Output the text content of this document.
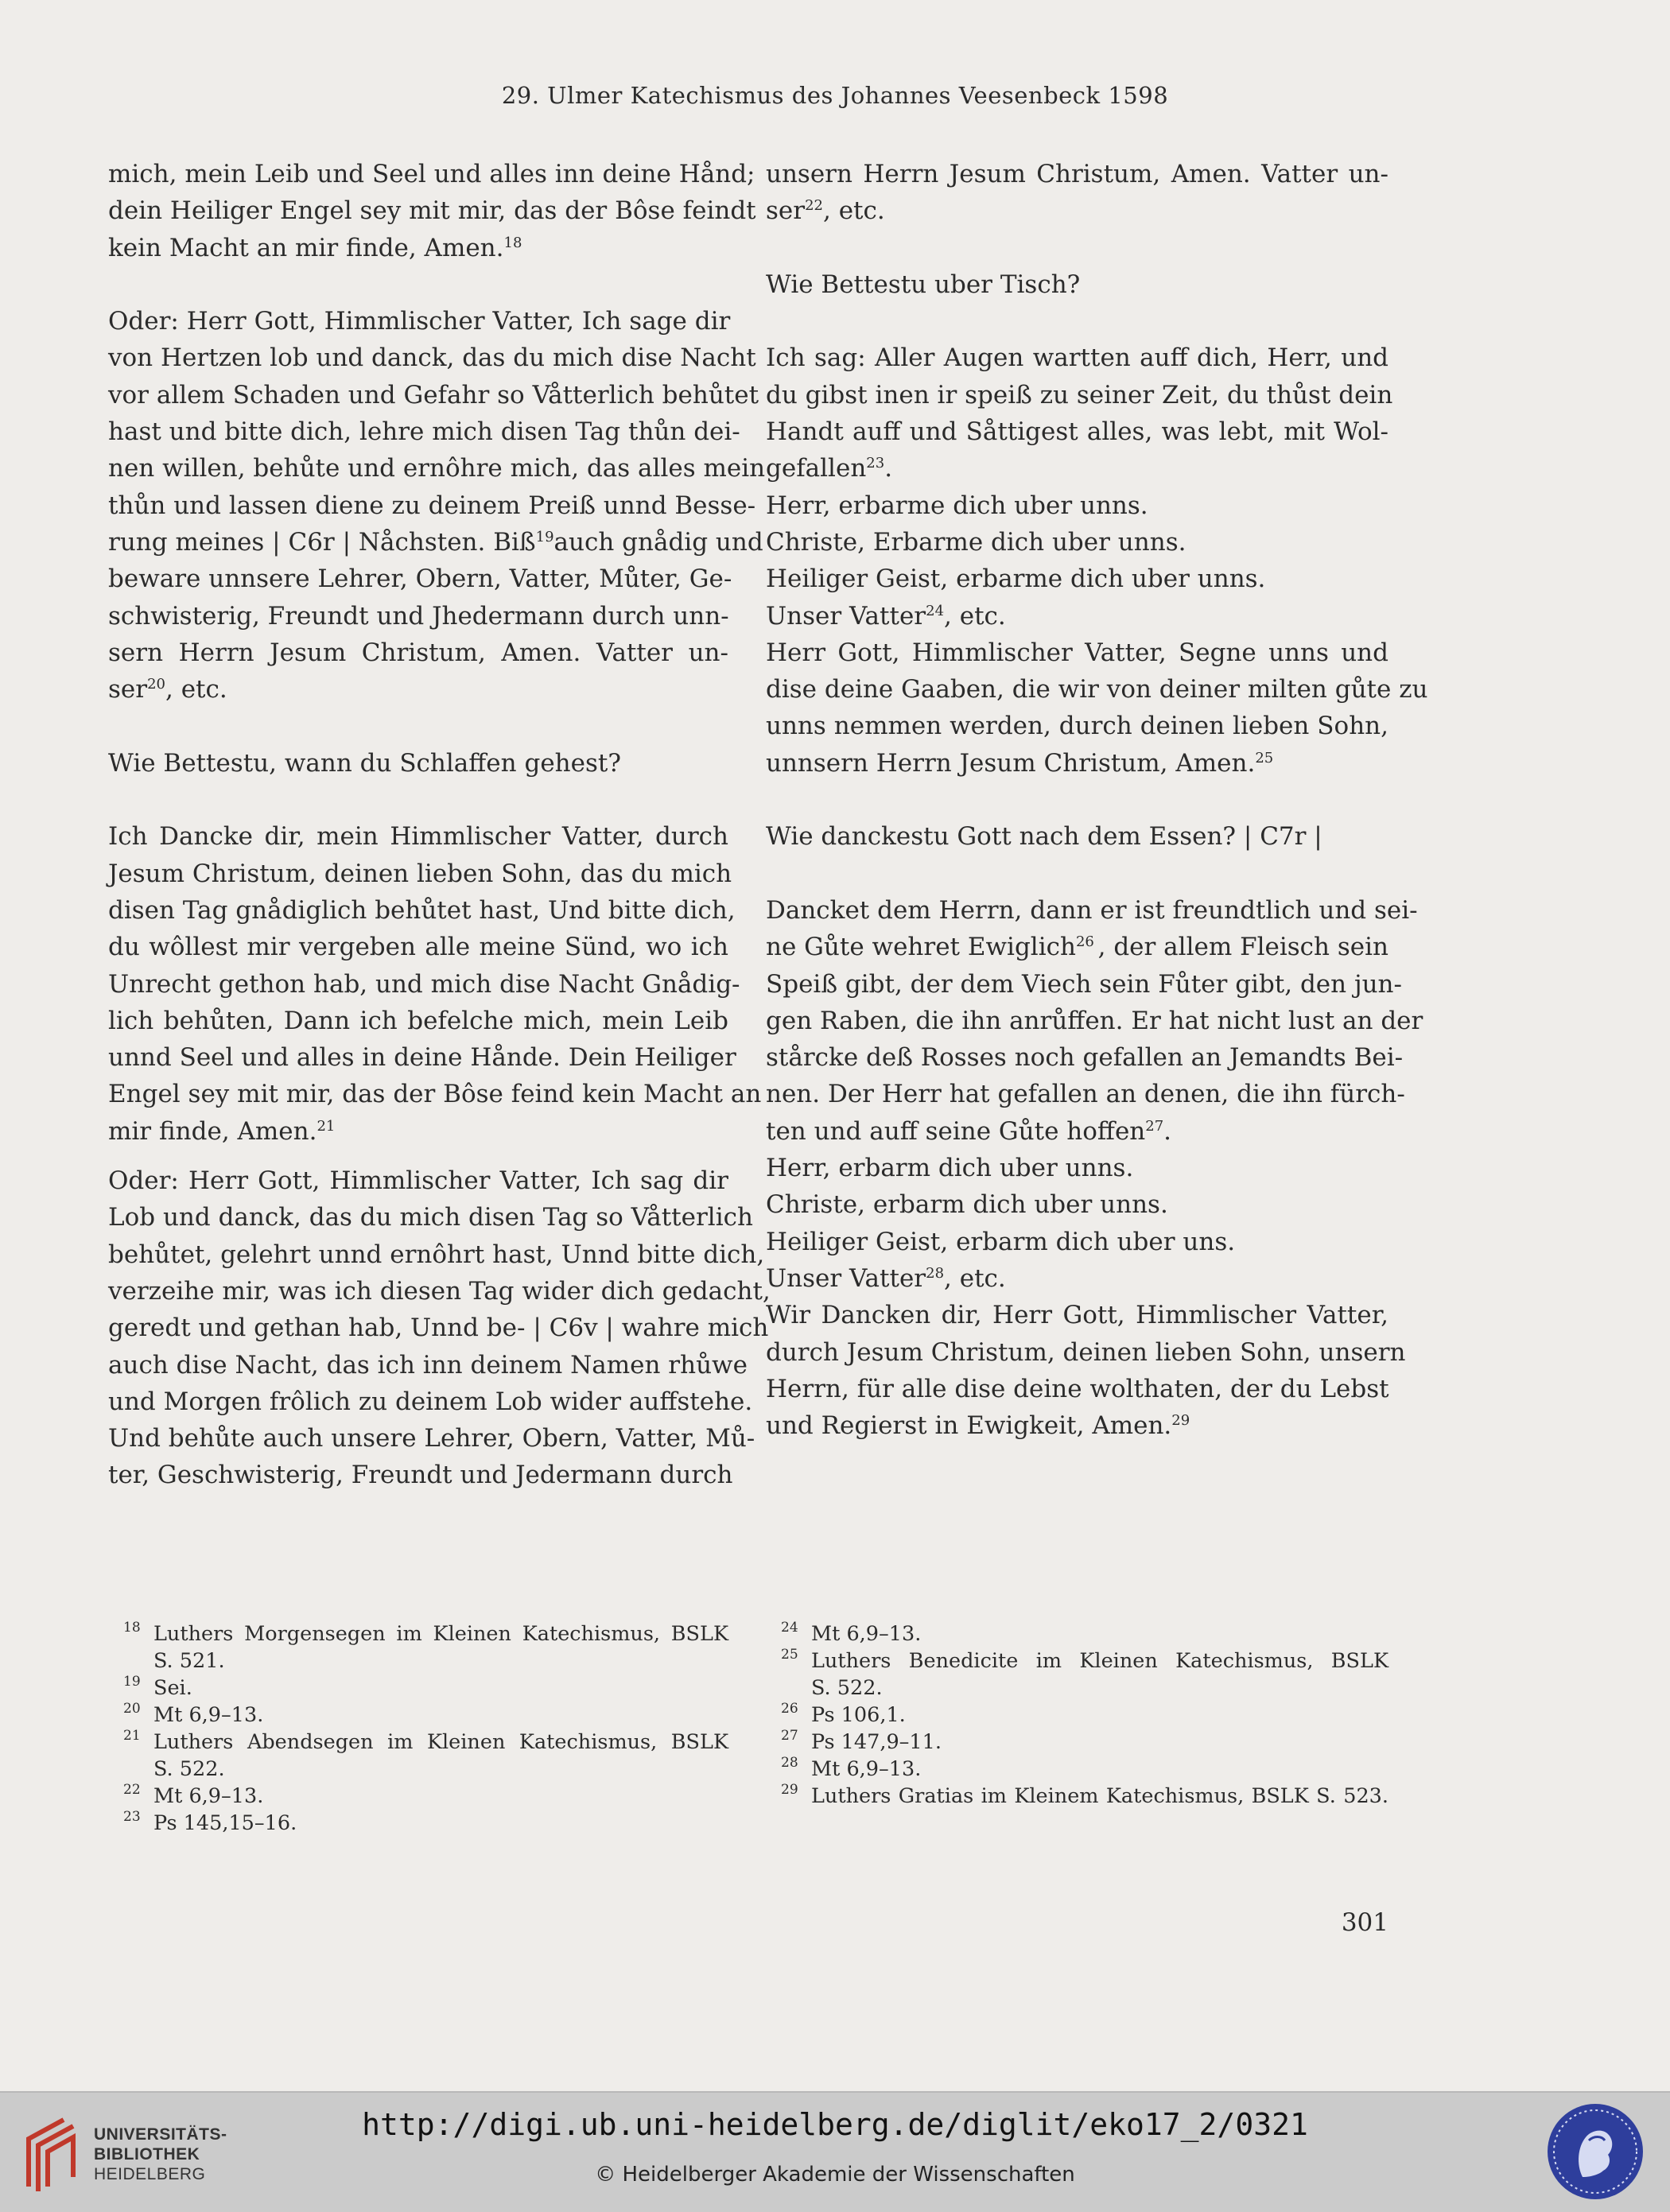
29. Ulmer Katechismus des Johannes Veesenbeck 1598
mich, mein Leib und Seel und alles inn deine Hånd;
dein Heiliger Engel sey mit mir, das der Bôse feindt
kein Macht an mir finde, Amen.$^{18}$
Oder: Herr Gott, Himmlischer Vatter, Ich sage dir
von Hertzen lob und danck, das du mich dise Nacht
vor allem Schaden und Gefahr so Våtterlich behůtet
hast und bitte dich, lehre mich disen Tag thůn dei-
nen willen, behůte und ernôhre mich, das alles mein
thůn und lassen diene zu deinem Preiß unnd Besse-
rung meines | C6r | Nåchsten. Biß$^{19}$ auch gnådig und
beware unnsere Lehrer, Obern, Vatter, Můter, Ge-
schwisterig, Freundt und Jhedermann durch unn-
sern Herrn Jesum Christum, Amen. Vatter un-
ser$^{20}$, etc.
Wie Bettestu, wann du Schlaffen gehest?
Ich Dancke dir, mein Himmlischer Vatter, durch
Jesum Christum, deinen lieben Sohn, das du mich
disen Tag gnådiglich behůtet hast, Und bitte dich,
du wôllest mir vergeben alle meine Sünd, wo ich
Unrecht gethon hab, und mich dise Nacht Gnådig-
lich behůten, Dann ich befelche mich, mein Leib
unnd Seel und alles in deine Hånde. Dein Heiliger
Engel sey mit mir, das der Bôse feind kein Macht an
mir finde, Amen.$^{21}$
Oder: Herr Gott, Himmlischer Vatter, Ich sag dir
Lob und danck, das du mich disen Tag so Våtterlich
behůtet, gelehrt unnd ernôhrt hast, Unnd bitte dich,
verzeihe mir, was ich diesen Tag wider dich gedacht,
geredt und gethan hab, Unnd be- | C6v | wahre mich
auch dise Nacht, das ich inn deinem Namen rhůwe
und Morgen frôlich zu deinem Lob wider auffstehe.
Und behůte auch unsere Lehrer, Obern, Vatter, Mů-
ter, Geschwisterig, Freundt und Jedermann durch
unsern Herrn Jesum Christum, Amen. Vatter un-
ser$^{22}$, etc.
Wie Bettestu uber Tisch?
Ich sag: Aller Augen wartten auff dich, Herr, und
du gibst inen ir speiß zu seiner Zeit, du thůst dein
Handt auff und Såttigest alles, was lebt, mit Wol-
gefallen$^{23}$.
Herr, erbarme dich uber unns.
Christe, Erbarme dich uber unns.
Heiliger Geist, erbarme dich uber unns.
Unser Vatter$^{24}$, etc.
Herr Gott, Himmlischer Vatter, Segne unns und
dise deine Gaaben, die wir von deiner milten gůte zu
unns nemmen werden, durch deinen lieben Sohn,
unnsern Herrn Jesum Christum, Amen.$^{25}$
Wie danckestu Gott nach dem Essen? | C7r |
Dancket dem Herrn, dann er ist freundtlich und sei-
ne Gůte wehret Ewiglich$^{26}$ , der allem Fleisch sein
Speiß gibt, der dem Viech sein Fůter gibt, den jun-
gen Raben, die ihn anrůffen. Er hat nicht lust an der
stårcke deß Rosses noch gefallen an Jemandts Bei-
nen. Der Herr hat gefallen an denen, die ihn fürch-
ten und auff seine Gůte hoffen$^{27}$.
Herr, erbarm dich uber unns.
Christe, erbarm dich uber unns.
Heiliger Geist, erbarm dich uber uns.
Unser Vatter$^{28}$, etc.
Wir Dancken dir, Herr Gott, Himmlischer Vatter,
durch Jesum Christum, deinen lieben Sohn, unsern
Herrn, für alle dise deine wolthaten, der du Lebst
und Regierst in Ewigkeit, Amen.$^{29}$
18 Luthers Morgensegen im Kleinen Katechismus, BSLK
S. 521.
19 Sei.
20 Mt 6,9–13.
21 Luthers Abendsegen im Kleinen Katechismus, BSLK
S. 522.
22 Mt 6,9–13.
23 Ps 145,15–16.
24 Mt 6,9–13.
25 Luthers Benedicite im Kleinen Katechismus, BSLK
S. 522.
26 Ps 106,1.
27 Ps 147,9–11.
28 Mt 6,9–13.
29 Luthers Gratias im Kleinem Katechismus, BSLK S. 523.
301
UNIVERSITÄTS-
BIBLIOTHEK
HEIDELBERG
http://digi.ub.uni-heidelberg.de/diglit/eko17_2/0321
© Heidelberger Akademie der Wissenschaften
